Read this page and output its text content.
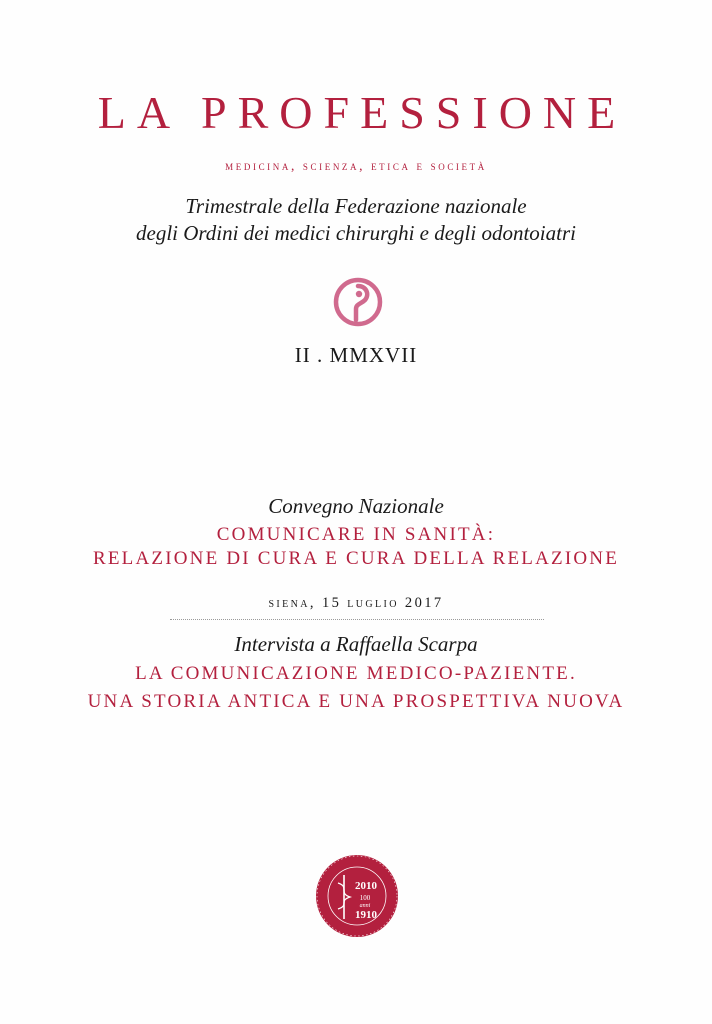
LA PROFESSIONE
medicina, scienza, etica e società
Trimestrale della Federazione nazionale
degli Ordini dei medici chirurghi e degli odontoiatri
II . MMXVII
Convegno Nazionale
COMUNICARE IN SANITÀ:
RELAZIONE DI CURA E CURA DELLA RELAZIONE
siena, 15 luglio 2017
Intervista a Raffaella Scarpa
LA COMUNICAZIONE MEDICO-PAZIENTE.
UNA STORIA ANTICA E UNA PROSPETTIVA NUOVA
2010
100
anni
1910
